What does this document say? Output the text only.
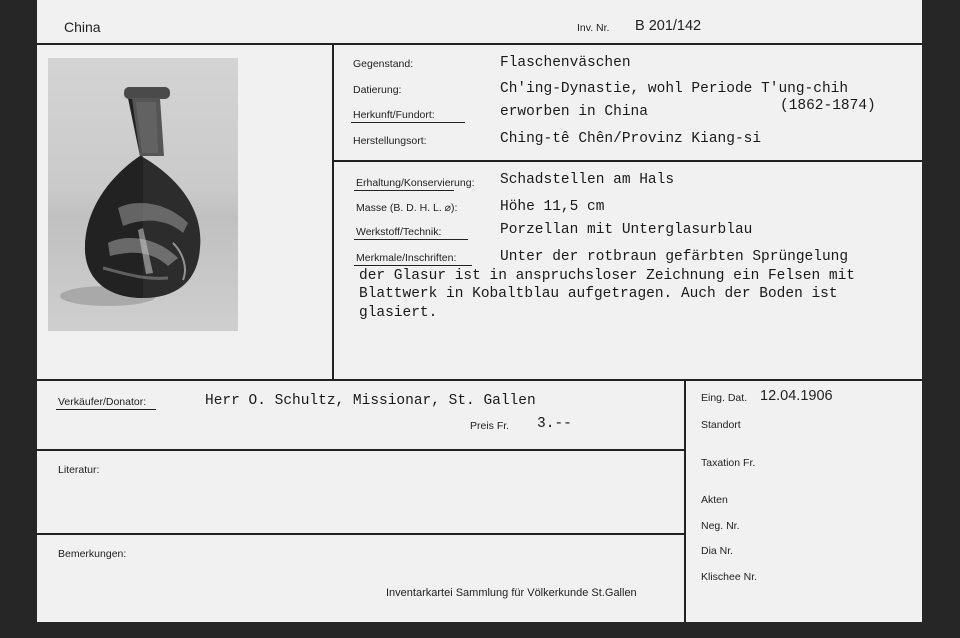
China	Inv. Nr. B 201/142
Gegenstand:	Flaschenväschen
Datierung:	Ch'ing-Dynastie, wohl Periode T'ung-chih
(1862-1874)
Herkunft/Fundort:	erworben in China
Herstellungsort:	Ching-tê Chên/Provinz Kiang-si
Erhaltung/Konservierung: Schadstellen am Hals
Masse (B. D. H. L. ⌀):	Höhe 11,5 cm
Werkstoff/Technik:	Porzellan mit Unterglasurblau
Merkmale/Inschriften:	Unter der rotbraun gefärbten Sprüngelung
der Glasur ist in anspruchsloser Zeichnung ein Felsen mit
Blattwerk in Kobaltblau aufgetragen. Auch der Boden ist
glasiert.
Verkäufer/Donator:	Herr O. Schultz, Missionar, St. Gallen
Preis Fr. 3.--
Literatur:
Bemerkungen:
Inventarkartei Sammlung für Völkerkunde St.Gallen
Eing. Dat. 12.04.1906
Standort
Taxation Fr.
Akten
Neg. Nr.
Dia Nr.
Klischee Nr.
